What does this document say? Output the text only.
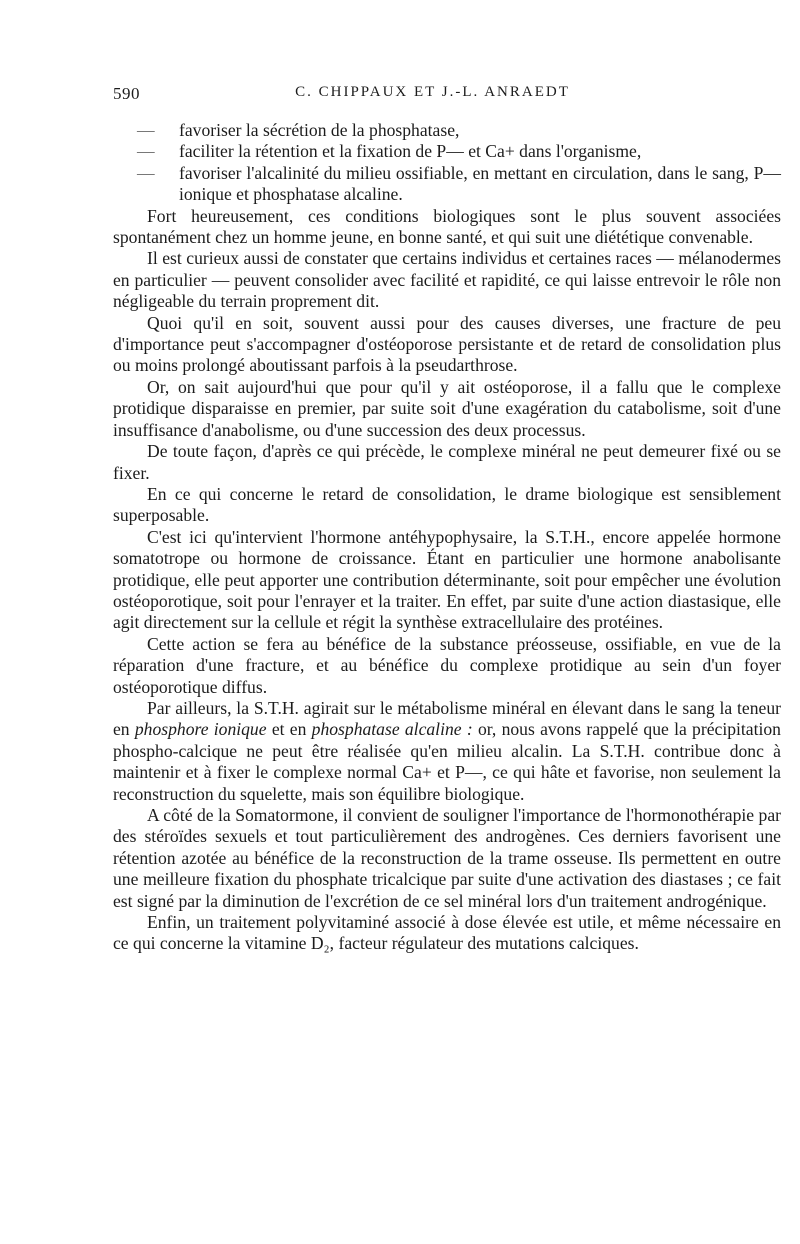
590	C. CHIPPAUX ET J.-L. ANRAEDT
— favoriser la sécrétion de la phosphatase,
— faciliter la rétention et la fixation de P— et Ca+ dans l'organisme,
— favoriser l'alcalinité du milieu ossifiable, en mettant en circulation, dans le sang, P— ionique et phosphatase alcaline.

Fort heureusement, ces conditions biologiques sont le plus souvent associées spontanément chez un homme jeune, en bonne santé, et qui suit une diététique convenable.

Il est curieux aussi de constater que certains individus et certaines races — mélanodermes en particulier — peuvent consolider avec facilité et rapidité, ce qui laisse entrevoir le rôle non négligeable du terrain proprement dit.

Quoi qu'il en soit, souvent aussi pour des causes diverses, une fracture de peu d'importance peut s'accompagner d'ostéoporose persistante et de retard de consolidation plus ou moins prolongé aboutissant parfois à la pseudarthrose.

Or, on sait aujourd'hui que pour qu'il y ait ostéoporose, il a fallu que le complexe protidique disparaisse en premier, par suite soit d'une exagération du catabolisme, soit d'une insuffisance d'anabolisme, ou d'une succession des deux processus.

De toute façon, d'après ce qui précède, le complexe minéral ne peut demeurer fixé ou se fixer.

En ce qui concerne le retard de consolidation, le drame biologique est sensiblement superposable.

C'est ici qu'intervient l'hormone antéhypophysaire, la S.T.H., encore appelée hormone somatotrope ou hormone de croissance. Étant en particulier une hormone anabolisante protidique, elle peut apporter une contribution déterminante, soit pour empêcher une évolution ostéoporotique, soit pour l'enrayer et la traiter. En effet, par suite d'une action diastasique, elle agit directement sur la cellule et régit la synthèse extracellulaire des protéines.

Cette action se fera au bénéfice de la substance préosseuse, ossifiable, en vue de la réparation d'une fracture, et au bénéfice du complexe protidique au sein d'un foyer ostéoporotique diffus.

Par ailleurs, la S.T.H. agirait sur le métabolisme minéral en élevant dans le sang la teneur en phosphore ionique et en phosphatase alcaline : or, nous avons rappelé que la précipitation phospho-calcique ne peut être réalisée qu'en milieu alcalin. La S.T.H. contribue donc à maintenir et à fixer le complexe normal Ca+ et P—, ce qui hâte et favorise, non seulement la reconstruction du squelette, mais son équilibre biologique.

A côté de la Somatormone, il convient de souligner l'importance de l'hormonothérapie par des stéroïdes sexuels et tout particulièrement des androgènes. Ces derniers favorisent une rétention azotée au bénéfice de la reconstruction de la trame osseuse. Ils permettent en outre une meilleure fixation du phosphate tricalcique par suite d'une activation des diastases ; ce fait est signé par la diminution de l'excrétion de ce sel minéral lors d'un traitement androgénique.

Enfin, un traitement polyvitaminé associé à dose élevée est utile, et même nécessaire en ce qui concerne la vitamine D₂, facteur régulateur des mutations calciques.
